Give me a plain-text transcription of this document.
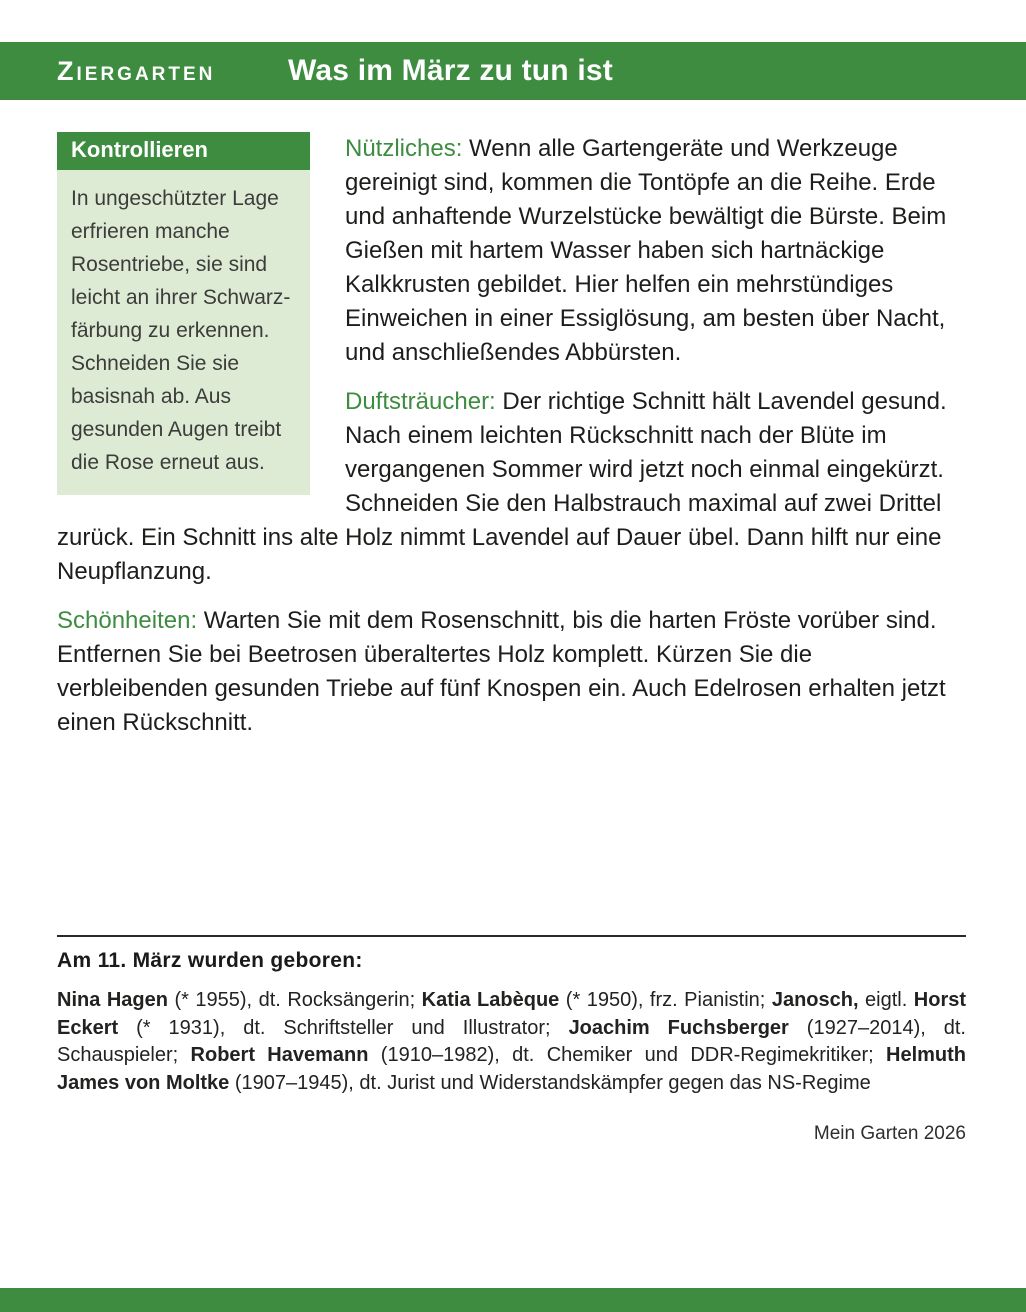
Ziergarten	Was im März zu tun ist
Kontrollieren
In ungeschützter Lage erfrieren manche Rosentriebe, sie sind leicht an ihrer Schwarzfärbung zu erkennen. Schneiden Sie sie basisnah ab. Aus gesunden Augen treibt die Rose erneut aus.

Nützliches: Wenn alle Gartengeräte und Werkzeuge gereinigt sind, kommen die Tontöpfe an die Reihe. Erde und anhaftende Wurzelstücke bewältigt die Bürste. Beim Gießen mit hartem Wasser haben sich hartnäckige Kalkkrusten gebildet. Hier helfen ein mehrstündiges Einweichen in einer Essiglösung, am besten über Nacht, und anschließendes Abbürsten.

Duftsträucher: Der richtige Schnitt hält Lavendel gesund. Nach einem leichten Rückschnitt nach der Blüte im vergangenen Sommer wird jetzt noch einmal eingekürzt. Schneiden Sie den Halbstrauch maximal auf zwei Drittel zurück. Ein Schnitt ins alte Holz nimmt Lavendel auf Dauer übel. Dann hilft nur eine Neupflanzung.

Schönheiten: Warten Sie mit dem Rosenschnitt, bis die harten Fröste vorüber sind. Entfernen Sie bei Beetrosen überaltertes Holz komplett. Kürzen Sie die verbleibenden gesunden Triebe auf fünf Knospen ein. Auch Edelrosen erhalten jetzt einen Rückschnitt.

Am 11. März wurden geboren:

Nina Hagen (* 1955), dt. Rocksängerin; Katia Labèque (* 1950), frz. Pianistin; Janosch, eigtl. Horst Eckert (* 1931), dt. Schriftsteller und Illustrator; Joachim Fuchsberger (1927–2014), dt. Schauspieler; Robert Havemann (1910–1982), dt. Chemiker und DDR-Regimekritiker; Helmuth James von Moltke (1907–1945), dt. Jurist und Widerstandskämpfer gegen das NS-Regime

Mein Garten 2026
